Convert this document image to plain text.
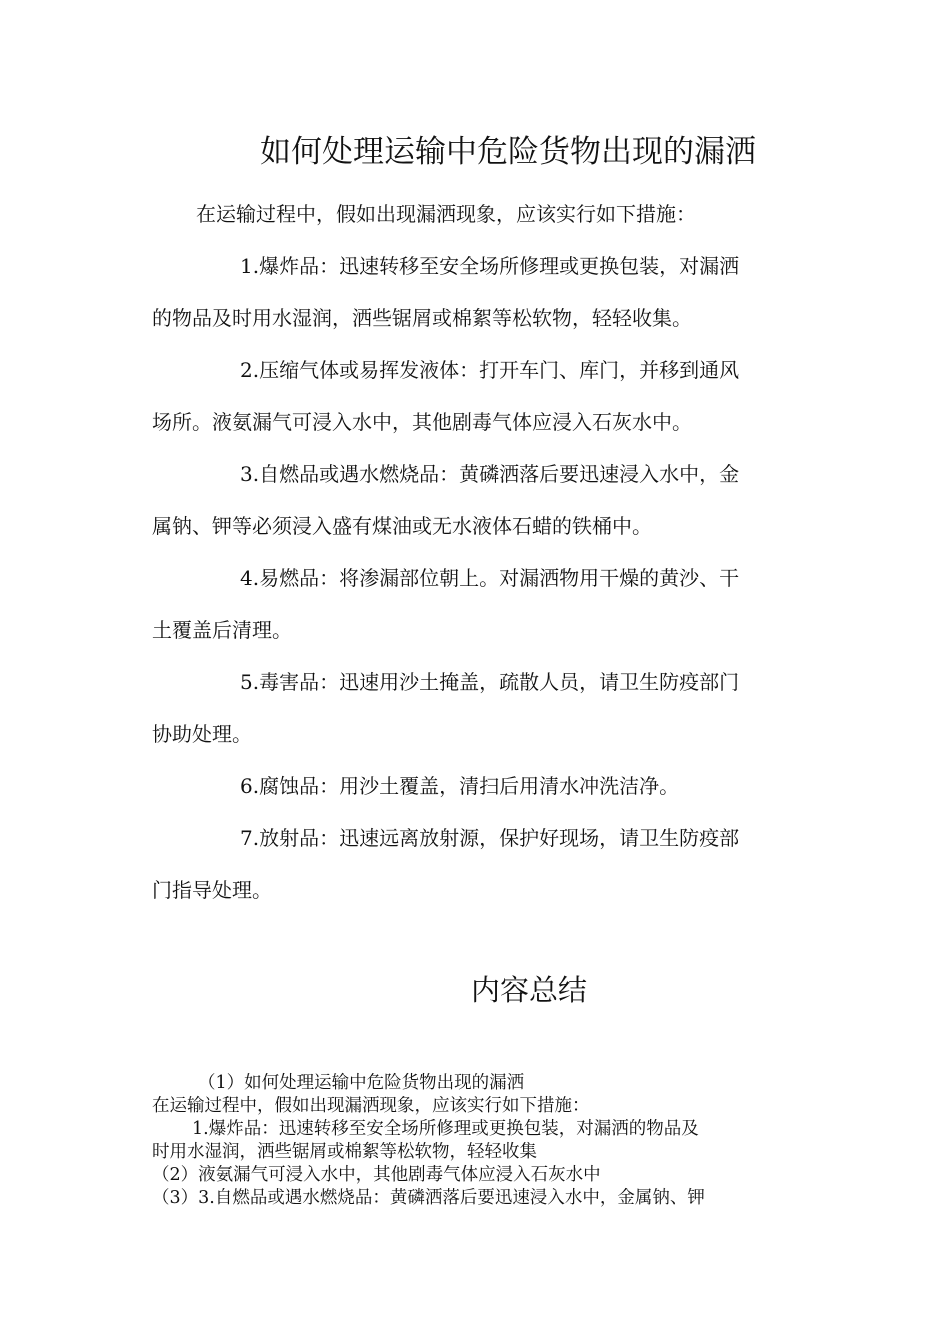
如何处理运输中危险货物出现的漏洒
在运输过程中，假如出现漏洒现象，应该实行如下措施：
1.爆炸品：迅速转移至安全场所修理或更换包装，对漏洒
的物品及时用水湿润，洒些锯屑或棉絮等松软物，轻轻收集。
2.压缩气体或易挥发液体：打开车门、库门，并移到通风
场所。液氨漏气可浸入水中，其他剧毒气体应浸入石灰水中。
3.自燃品或遇水燃烧品：黄磷洒落后要迅速浸入水中，金
属钠、钾等必须浸入盛有煤油或无水液体石蜡的铁桶中。
4.易燃品：将渗漏部位朝上。对漏洒物用干燥的黄沙、干
土覆盖后清理。
5.毒害品：迅速用沙土掩盖，疏散人员，请卫生防疫部门
协助处理。
6.腐蚀品：用沙土覆盖，清扫后用清水冲洗洁净。
7.放射品：迅速远离放射源，保护好现场，请卫生防疫部
门指导处理。
内容总结
（1）如何处理运输中危险货物出现的漏洒
在运输过程中，假如出现漏洒现象，应该实行如下措施：
1.爆炸品：迅速转移至安全场所修理或更换包装，对漏洒的物品及
时用水湿润，洒些锯屑或棉絮等松软物，轻轻收集
（2）液氨漏气可浸入水中，其他剧毒气体应浸入石灰水中
（3）3.自燃品或遇水燃烧品：黄磷洒落后要迅速浸入水中，金属钠、钾
